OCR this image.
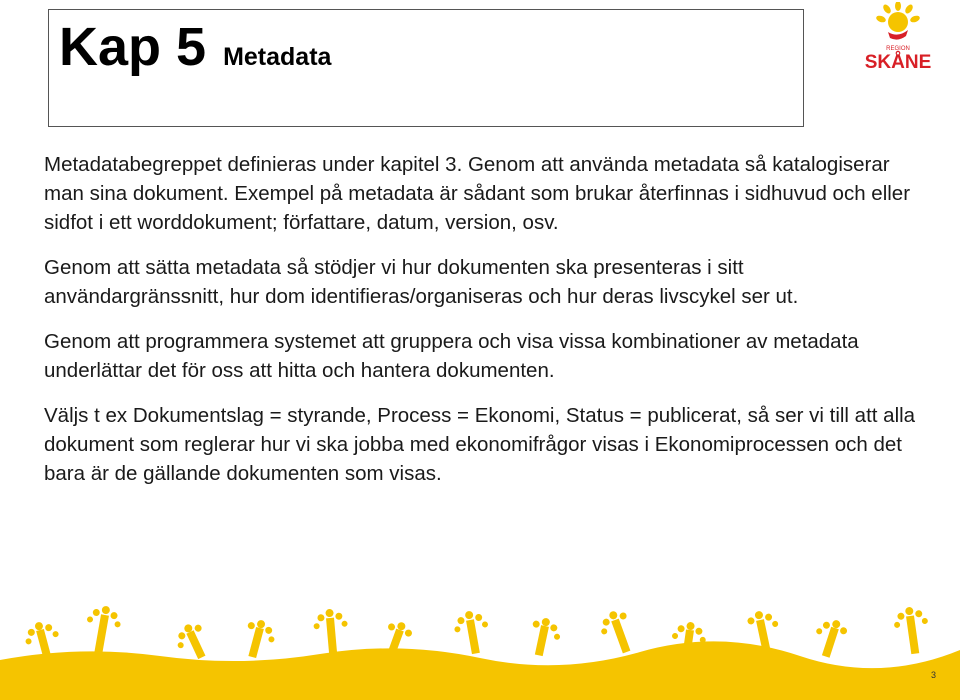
Kap 5 Metadata	REGION
SKÅNE

Metadatabegreppet definieras under kapitel 3. Genom att använda metadata så katalogiserar man sina dokument. Exempel på metadata är sådant som brukar återfinnas i sidhuvud och eller sidfot i ett worddokument; författare, datum, version, osv.

Genom att sätta metadata så stödjer vi hur dokumenten ska presenteras i sitt användargränssnitt, hur dom identifieras/organiseras och hur deras livscykel ser ut.

Genom att programmera systemet att gruppera och visa vissa kombinationer av metadata underlättar det för oss att hitta och hantera dokumenten.

Väljs t ex Dokumentslag = styrande, Process = Ekonomi, Status = publicerat, så ser vi till att alla dokument som reglerar hur vi ska jobba med ekonomifrågor visas i Ekonomiprocessen och det bara är de gällande dokumenten som visas.

3
